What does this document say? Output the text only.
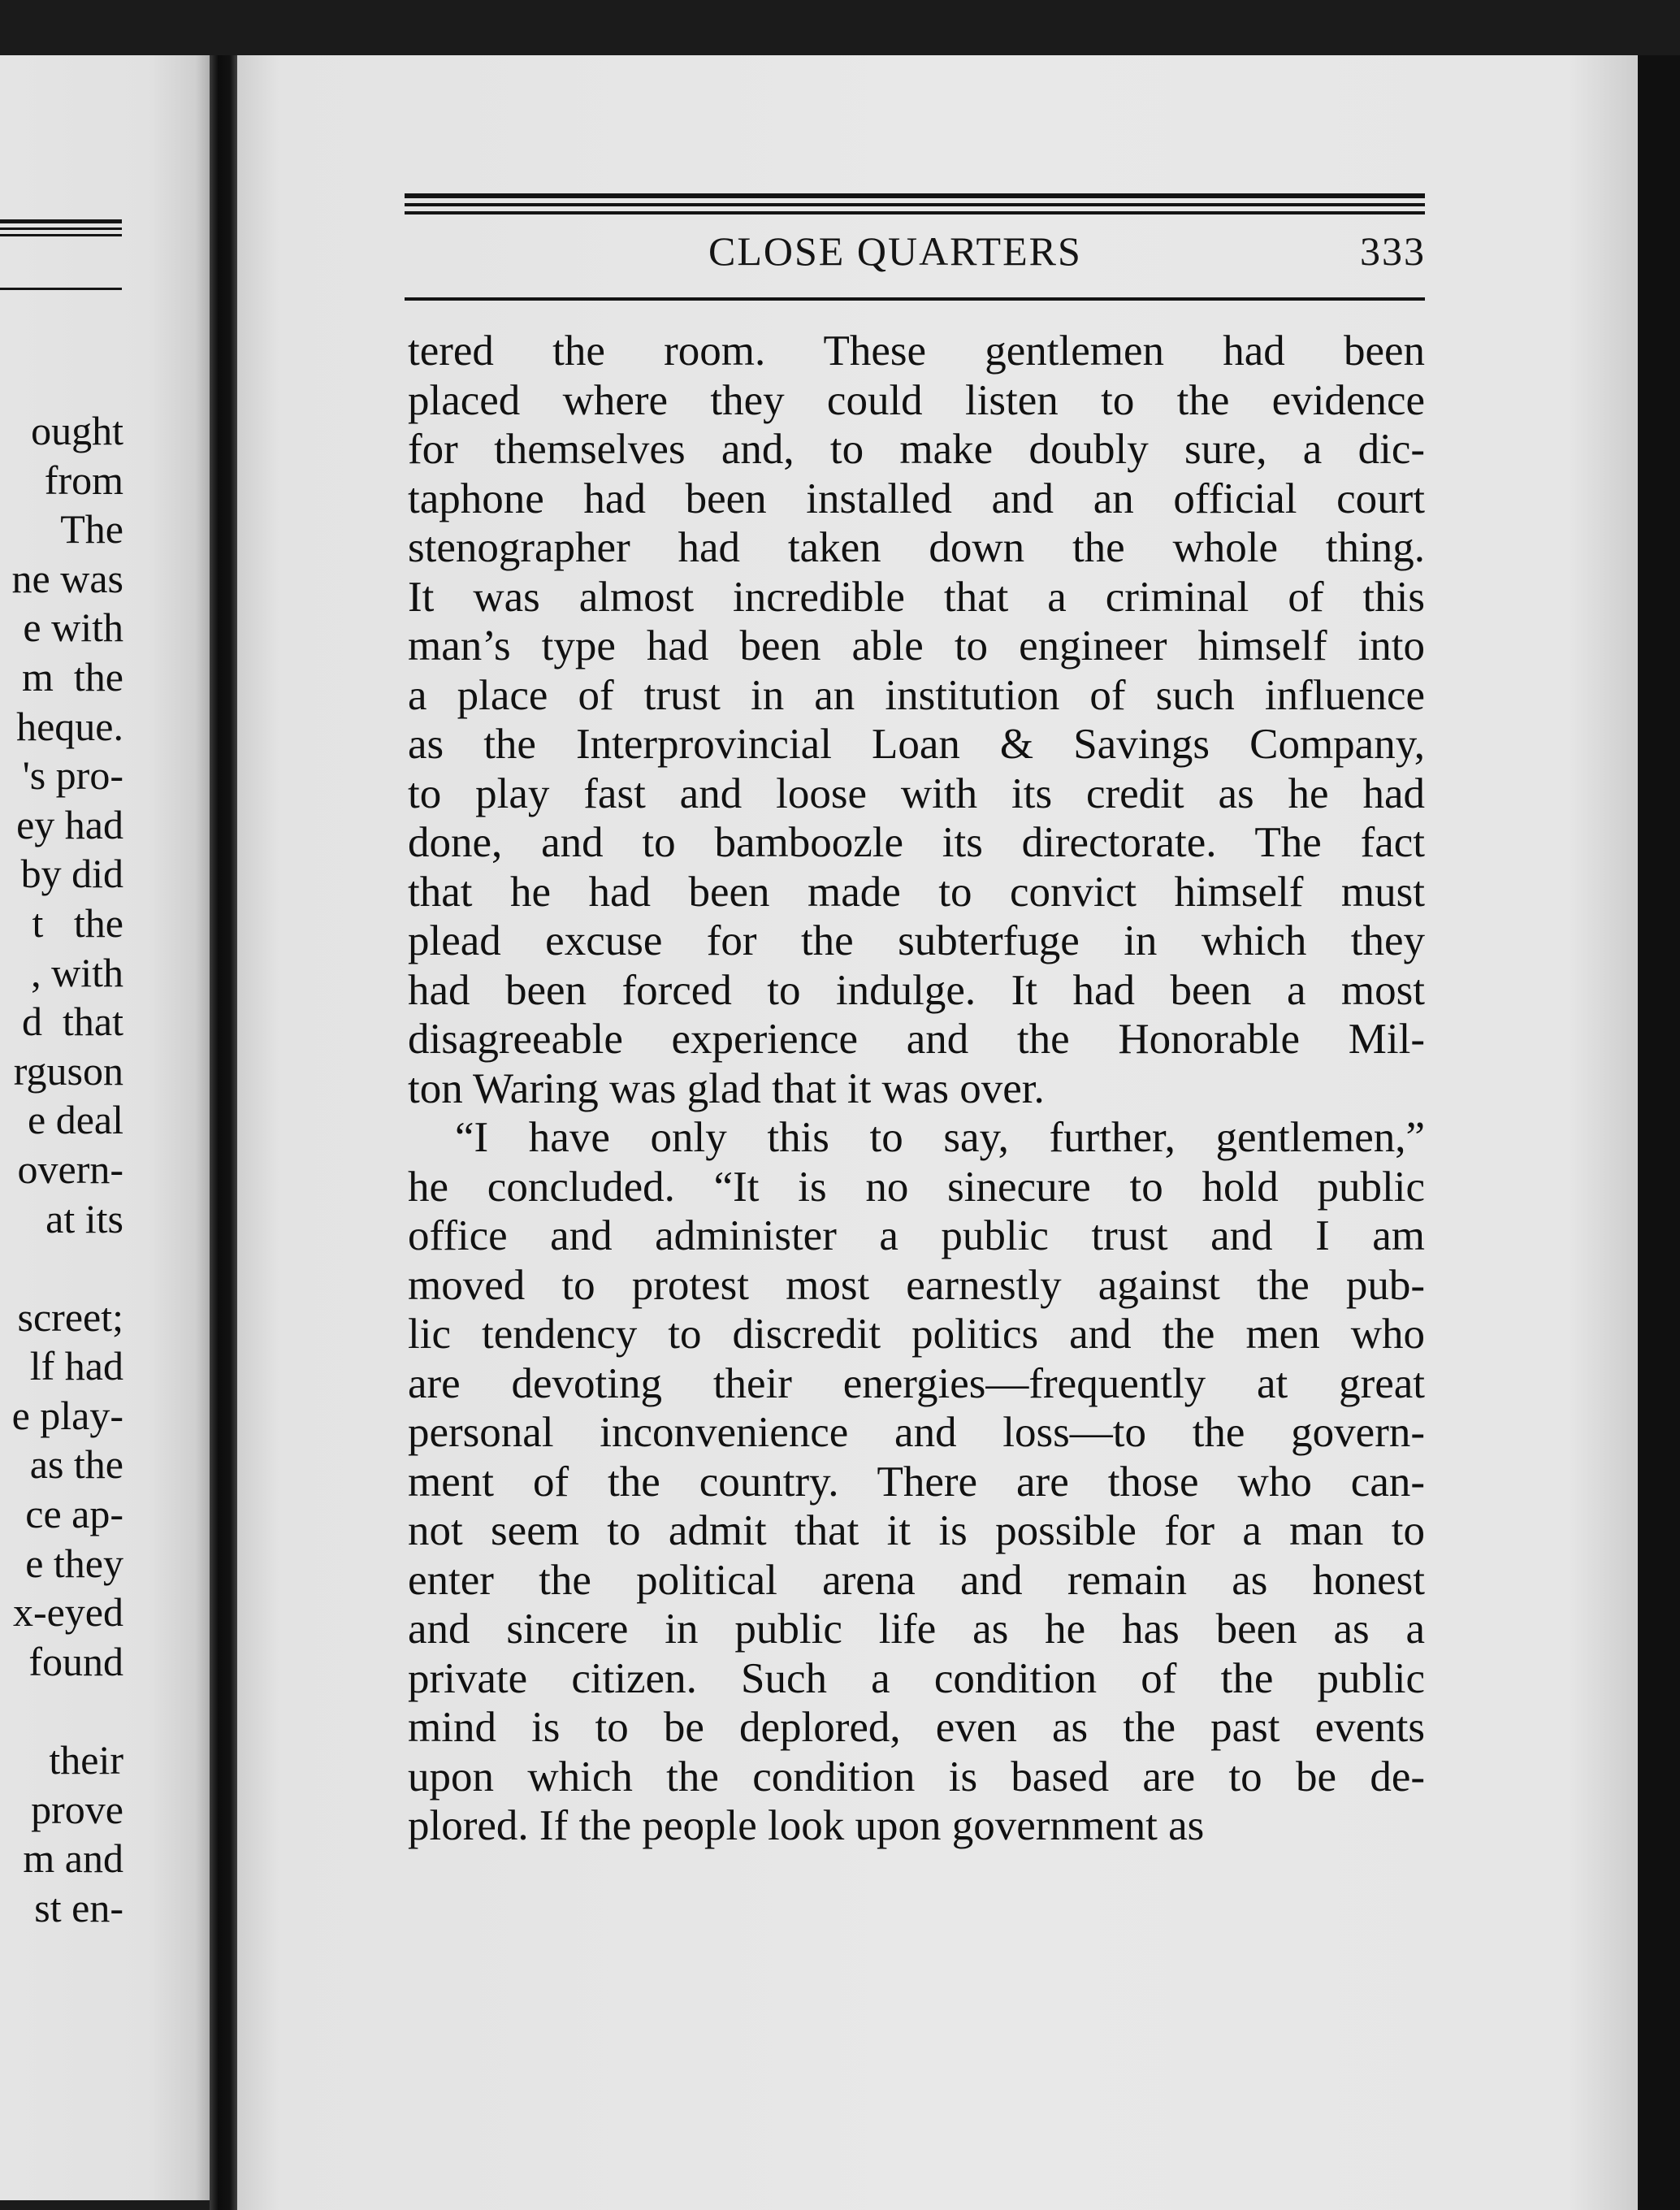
ought
from
The
ne was
e with
m  the
heque.
's pro-
ey had
by did
t   the
, with
d  that
rguson
e deal
overn-
at its
screet;
lf had
e play-
as the
ce ap-
e they
x-eyed
found
their
prove
m and
st en-
CLOSE QUARTERS	333
tered the room. These gentlemen had been
placed where they could listen to the evidence
for themselves and, to make doubly sure, a dic-
taphone had been installed and an official court
stenographer had taken down the whole thing.
It was almost incredible that a criminal of this
man’s type had been able to engineer himself into
a place of trust in an institution of such influence
as the Interprovincial Loan & Savings Company,
to play fast and loose with its credit as he had
done, and to bamboozle its directorate. The fact
that he had been made to convict himself must
plead excuse for the subterfuge in which they
had been forced to indulge. It had been a most
disagreeable experience and the Honorable Mil-
ton Waring was glad that it was over.
“I have only this to say, further, gentlemen,”
he concluded. “It is no sinecure to hold public
office and administer a public trust and I am
moved to protest most earnestly against the pub-
lic tendency to discredit politics and the men who
are devoting their energies—frequently at great
personal inconvenience and loss—to the govern-
ment of the country. There are those who can-
not seem to admit that it is possible for a man to
enter the political arena and remain as honest
and sincere in public life as he has been as a
private citizen. Such a condition of the public
mind is to be deplored, even as the past events
upon which the condition is based are to be de-
plored. If the people look upon government as
